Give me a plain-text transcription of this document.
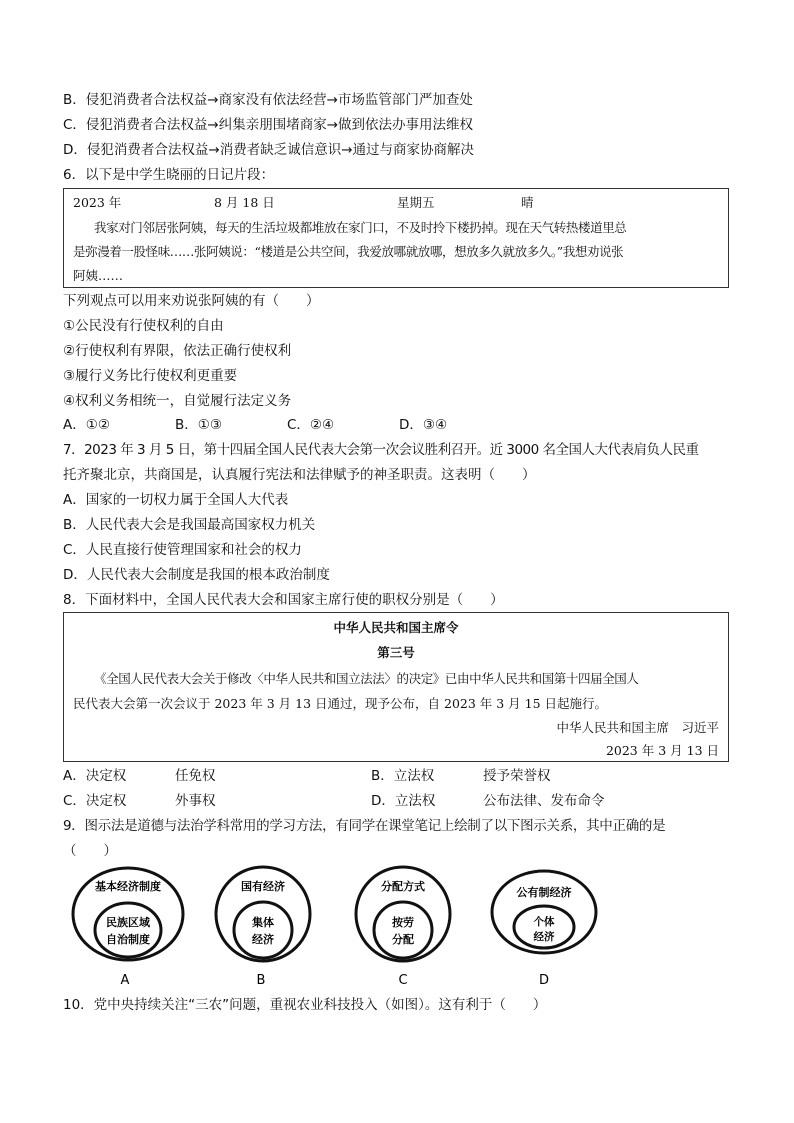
B．侵犯消费者合法权益→商家没有依法经营→市场监管部门严加查处
C．侵犯消费者合法权益→纠集亲朋围堵商家→做到依法办事用法维权
D．侵犯消费者合法权益→消费者缺乏诚信意识→通过与商家协商解决
6．以下是中学生晓丽的日记片段：
2023 年	8 月 18 日	星期五	晴
我家对门邻居张阿姨，每天的生活垃圾都堆放在家门口，不及时拎下楼扔掉。现在天气转热楼道里总
是弥漫着一股怪味……张阿姨说：“楼道是公共空间，我爱放哪就放哪，想放多久就放多久。”我想劝说张
阿姨……
下列观点可以用来劝说张阿姨的有（　　）
①公民没有行使权利的自由
②行使权利有界限，依法正确行使权利
③履行义务比行使权利更重要
④权利义务相统一，自觉履行法定义务
A．①②	B．①③	C．②④	D．③④
7．2023 年 3 月 5 日，第十四届全国人民代表大会第一次会议胜利召开。近 3000 名全国人大代表肩负人民重
托齐聚北京，共商国是，认真履行宪法和法律赋予的神圣职责。这表明（　　）
A．国家的一切权力属于全国人大代表
B．人民代表大会是我国最高国家权力机关
C．人民直接行使管理国家和社会的权力
D．人民代表大会制度是我国的根本政治制度
8．下面材料中，全国人民代表大会和国家主席行使的职权分别是（　　）
中华人民共和国主席令
第三号
《全国人民代表大会关于修改〈中华人民共和国立法法〉的决定》已由中华人民共和国第十四届全国人
民代表大会第一次会议于 2023 年 3 月 13 日通过，现予公布，自 2023 年 3 月 15 日起施行。
中华人民共和国主席　习近平
2023 年 3 月 13 日
A．决定权	任免权	B．立法权	授予荣誉权
C．决定权	外事权	D．立法权	公布法律、发布命令
9．图示法是道德与法治学科常用的学习方法，有同学在课堂笔记上绘制了以下图示关系，其中正确的是
（　　）
基本经济制度
民族区域
自治制度
A
国有经济
集体
经济
B
分配方式
按劳
分配
C
公有制经济
个体
经济
D
10．党中央持续关注“三农”问题，重视农业科技投入（如图）。这有利于（　　）
